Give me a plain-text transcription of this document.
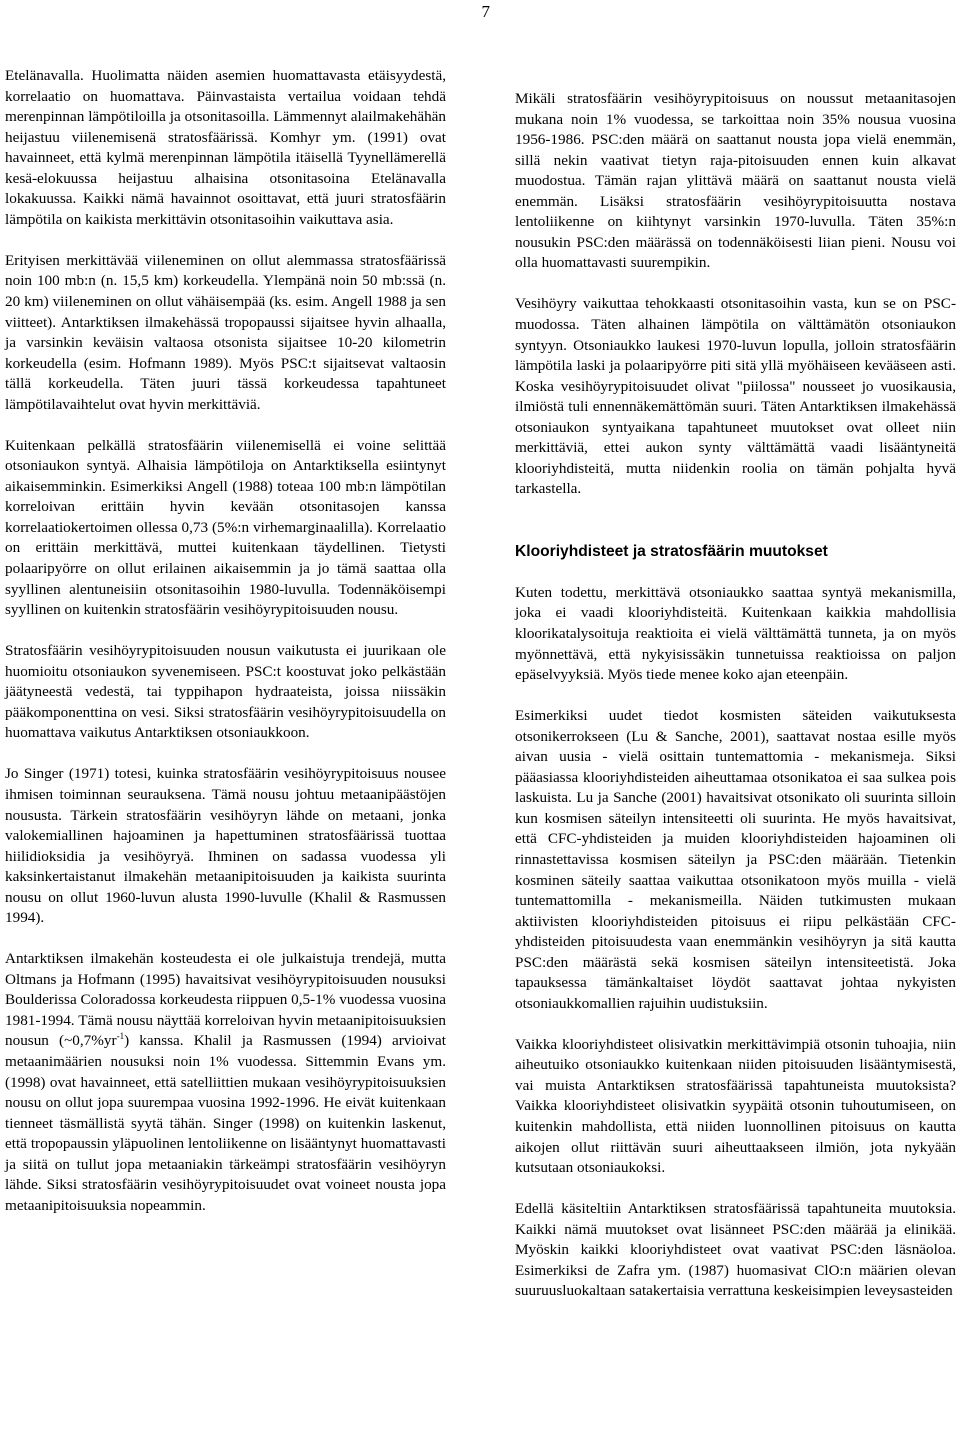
7

Etelänavalla. Huolimatta näiden asemien huomattavasta etäisyydestä, korrelaatio on huomattava. Päinvastaista vertailua voidaan tehdä merenpinnan lämpötiloilla ja otsonitasoilla. Lämmennyt alailmakehähän heijastuu viilenemisenä stratosfäärissä. Komhyr ym. (1991) ovat havainneet, että kylmä merenpinnan lämpötila itäisellä Tyynellämerellä kesä-elokuussa heijastuu alhaisina otsonitasoina Etelänavalla lokakuussa. Kaikki nämä havainnot osoittavat, että juuri stratosfäärin lämpötila on kaikista merkittävin otsonitasoihin vaikuttava asia.

Erityisen merkittävää viileneminen on ollut alemmassa stratosfäärissä noin 100 mb:n (n. 15,5 km) korkeudella. Ylempänä noin 50 mb:ssä (n. 20 km) viileneminen on ollut vähäisempää (ks. esim. Angell 1988 ja sen viitteet). Antarktiksen ilmakehässä tropopaussi sijaitsee hyvin alhaalla, ja varsinkin keväisin valtaosa otsonista sijaitsee 10-20 kilometrin korkeudella (esim. Hofmann 1989). Myös PSC:t sijaitsevat valtaosin tällä korkeudella. Täten juuri tässä korkeudessa tapahtuneet lämpötilavaihtelut ovat hyvin merkittäviä.

Kuitenkaan pelkällä stratosfäärin viilenemisellä ei voine selittää otsoniaukon syntyä. Alhaisia lämpötiloja on Antarktiksella esiintynyt aikaisemminkin. Esimerkiksi Angell (1988) toteaa 100 mb:n lämpötilan korreloivan erittäin hyvin kevään otsonitasojen kanssa korrelaatiokertoimen ollessa 0,73 (5%:n virhemarginaalilla). Korrelaatio on erittäin merkittävä, muttei kuitenkaan täydellinen. Tietysti polaaripyörre on ollut erilainen aikaisemmin ja jo tämä saattaa olla syyllinen alentuneisiin otsonitasoihin 1980-luvulla. Todennäköisempi syyllinen on kuitenkin stratosfäärin vesihöyrypitoisuuden nousu.

Stratosfäärin vesihöyrypitoisuuden nousun vaikutusta ei juurikaan ole huomioitu otsoniaukon syvenemiseen. PSC:t koostuvat joko pelkästään jäätyneestä vedestä, tai typpihapon hydraateista, joissa niissäkin pääkomponenttina on vesi. Siksi stratosfäärin vesihöyrypitoisuudella on huomattava vaikutus Antarktiksen otsoniaukkoon.

Jo Singer (1971) totesi, kuinka stratosfäärin vesihöyrypitoisuus nousee ihmisen toiminnan seurauksena. Tämä nousu johtuu metaanipäästöjen noususta. Tärkein stratosfäärin vesihöyryn lähde on metaani, jonka valokemiallinen hajoaminen ja hapettuminen stratosfäärissä tuottaa hiilidioksidia ja vesihöyryä. Ihminen on sadassa vuodessa yli kaksinkertaistanut ilmakehän metaanipitoisuuden ja kaikista suurinta nousu on ollut 1960-luvun alusta 1990-luvulle (Khalil & Rasmussen 1994).

Antarktiksen ilmakehän kosteudesta ei ole julkaistuja trendejä, mutta Oltmans ja Hofmann (1995) havaitsivat vesihöyrypitoisuuden nousuksi Boulderissa Coloradossa korkeudesta riippuen 0,5-1% vuodessa vuosina 1981-1994. Tämä nousu näyttää korreloivan hyvin metaanipitoisuuksien nousun $(\sim 0,7\%yr^{-1})$ kanssa. Khalil ja Rasmussen (1994) arvioivat metaanimäärien nousuksi noin 1% vuodessa. Sittemmin Evans ym. (1998) ovat havainneet, että satelliittien mukaan vesihöyrypitoisuuksien nousu on ollut jopa suurempaa vuosina 1992-1996. He eivät kuitenkaan tienneet täsmällistä syytä tähän. Singer (1998) on kuitenkin laskenut, että tropopaussin yläpuolinen lentoliikenne on lisääntynyt huomattavasti ja siitä on tullut jopa metaaniakin tärkeämpi stratosfäärin vesihöyryn lähde. Siksi stratosfäärin vesihöyrypitoisuudet ovat voineet nousta jopa metaanipitoisuuksia nopeammin.

Mikäli stratosfäärin vesihöyrypitoisuus on noussut metaanitasojen mukana noin 1% vuodessa, se tarkoittaa noin 35% nousua vuosina 1956-1986. PSC:den määrä on saattanut nousta jopa vielä enemmän, sillä nekin vaativat tietyn raja-pitoisuuden ennen kuin alkavat muodostua. Tämän rajan ylittävä määrä on saattanut nousta vielä enemmän. Lisäksi stratosfäärin vesihöyrypitoisuutta nostava lentoliikenne on kiihtynyt varsinkin 1970-luvulla. Täten 35%:n nousukin PSC:den määrässä on todennäköisesti liian pieni. Nousu voi olla huomattavasti suurempikin.

Vesihöyry vaikuttaa tehokkaasti otsonitasoihin vasta, kun se on PSC-muodossa. Täten alhainen lämpötila on välttämätön otsoniaukon syntyyn. Otsoniaukko laukesi 1970-luvun lopulla, jolloin stratosfäärin lämpötila laski ja polaaripyörre piti sitä yllä myöhäiseen kevääseen asti. Koska vesihöyrypitoisuudet olivat "piilossa" nousseet jo vuosikausia, ilmiöstä tuli ennennäkemättömän suuri. Täten Antarktiksen ilmakehässä otsoniaukon syntyaikana tapahtuneet muutokset ovat olleet niin merkittäviä, ettei aukon synty välttämättä vaadi lisääntyneitä klooriyhdisteitä, mutta niidenkin roolia on tämän pohjalta hyvä tarkastella.

Klooriyhdisteet ja stratosfäärin muutokset

Kuten todettu, merkittävä otsoniaukko saattaa syntyä mekanismilla, joka ei vaadi klooriyhdisteitä. Kuitenkaan kaikkia mahdollisia kloorikatalysoituja reaktioita ei vielä välttämättä tunneta, ja on myös myönnettävä, että nykyisissäkin tunnetuissa reaktioissa on paljon epäselvyyksiä. Myös tiede menee koko ajan eteenpäin.

Esimerkiksi uudet tiedot kosmisten säteiden vaikutuksesta otsonikerrokseen (Lu & Sanche, 2001), saattavat nostaa esille myös aivan uusia - vielä osittain tuntemattomia - mekanismeja. Siksi pääasiassa klooriyhdisteiden aiheuttamaa otsonikatoa ei saa sulkea pois laskuista. Lu ja Sanche (2001) havaitsivat otsonikato oli suurinta silloin kun kosmisen säteilyn intensiteetti oli suurinta. He myös havaitsivat, että CFC-yhdisteiden ja muiden klooriyhdisteiden hajoaminen oli rinnastettavissa kosmisen säteilyn ja PSC:den määrään. Tietenkin kosminen säteily saattaa vaikuttaa otsonikatoon myös muilla - vielä tuntemattomilla - mekanismeilla. Näiden tutkimusten mukaan aktiivisten klooriyhdisteiden pitoisuus ei riipu pelkästään CFC-yhdisteiden pitoisuudesta vaan enemmänkin vesihöyryn ja sitä kautta PSC:den määrästä sekä kosmisen säteilyn intensiteetistä. Joka tapauksessa tämänkaltaiset löydöt saattavat johtaa nykyisten otsoniaukkomallien rajuihin uudistuksiin.

Vaikka klooriyhdisteet olisivatkin merkittävimpiä otsonin tuhoajia, niin aiheutuiko otsoniaukko kuitenkaan niiden pitoisuuden lisääntymisestä, vai muista Antarktiksen stratosfäärissä tapahtuneista muutoksista? Vaikka klooriyhdisteet olisivatkin syypäitä otsonin tuhoutumiseen, on kuitenkin mahdollista, että niiden luonnollinen pitoisuus on kautta aikojen ollut riittävän suuri aiheuttaakseen ilmiön, jota nykyään kutsutaan otsoniaukoksi.

Edellä käsiteltiin Antarktiksen stratosfäärissä tapahtuneita muutoksia. Kaikki nämä muutokset ovat lisänneet PSC:den määrää ja elinikää. Myöskin kaikki klooriyhdisteet ovat vaativat PSC:den läsnäoloa. Esimerkiksi de Zafra ym. (1987) huomasivat ClO:n määrien olevan suuruusluokaltaan satakertaisia verrattuna keskeisimpien leveysasteiden
